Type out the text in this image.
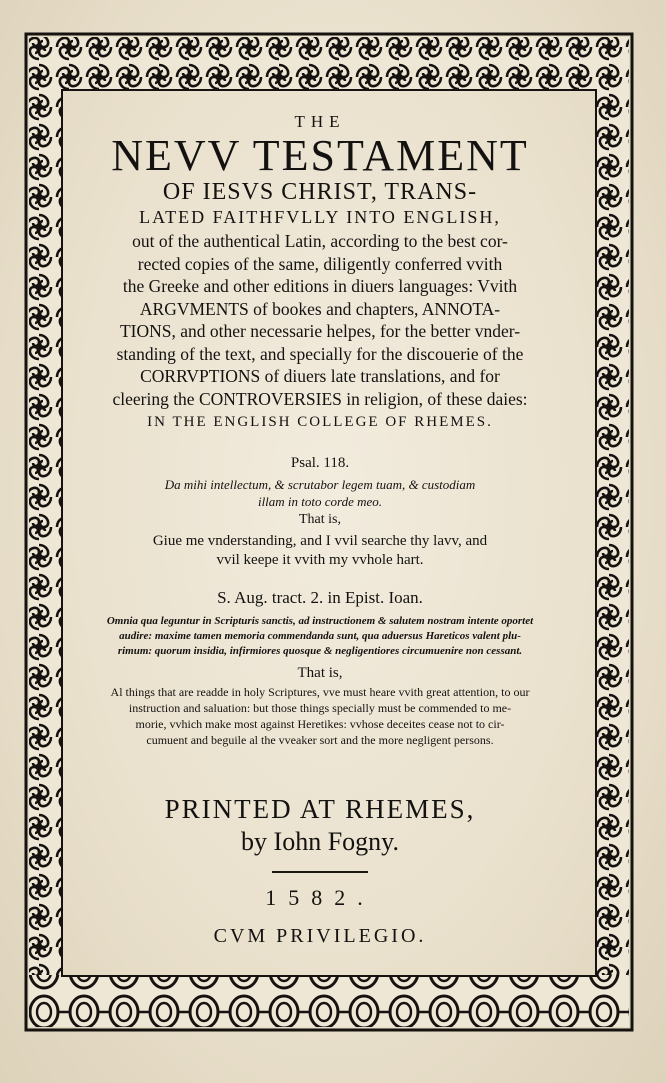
THE
NEVV TESTAMENT
OF IESVS CHRIST, TRANS-
LATED FAITHFVLLY INTO ENGLISH,
out of the authentical Latin, according to the best cor-
rected copies of the same, diligently conferred vvith
the Greeke and other editions in diuers languages: Vvith
ARGVMENTS of bookes and chapters, ANNOTA-
TIONS, and other necessarie helpes, for the better vnder-
standing of the text, and specially for the discouerie of the
CORRVPTIONS of diuers late translations, and for
cleering the CONTROVERSIES in religion, of these daies:
IN THE ENGLISH COLLEGE OF RHEMES.
Psal. 118.
Da mihi intellectum, & scrutabor legem tuam, & custodiam
illam in toto corde meo.
That is,
Giue me vnderstanding, and I vvil searche thy lavv, and
vvil keepe it vvith my vvhole hart.
S. Aug. tract. 2. in Epist. Ioan.
Omnia qua leguntur in Scripturis sanctis, ad instructionem & salutem nostram intente oportet
audire: maxime tamen memoria commendanda sunt, qua aduersus Hareticos valent plu-
rimum: quorum insidia, infirmiores quosque & negligentiores circumuenire non cessant.
That is,
Al things that are readde in holy Scriptures, vve must heare vvith great attention, to our
instruction and saluation: but those things specially must be commended to me-
morie, vvhich make most against Heretikes: vvhose deceites cease not to cir-
cumuent and beguile al the vveaker sort and the more negligent persons.
PRINTED AT RHEMES,
by Iohn Fogny.
1582.
CVM PRIVILEGIO.
